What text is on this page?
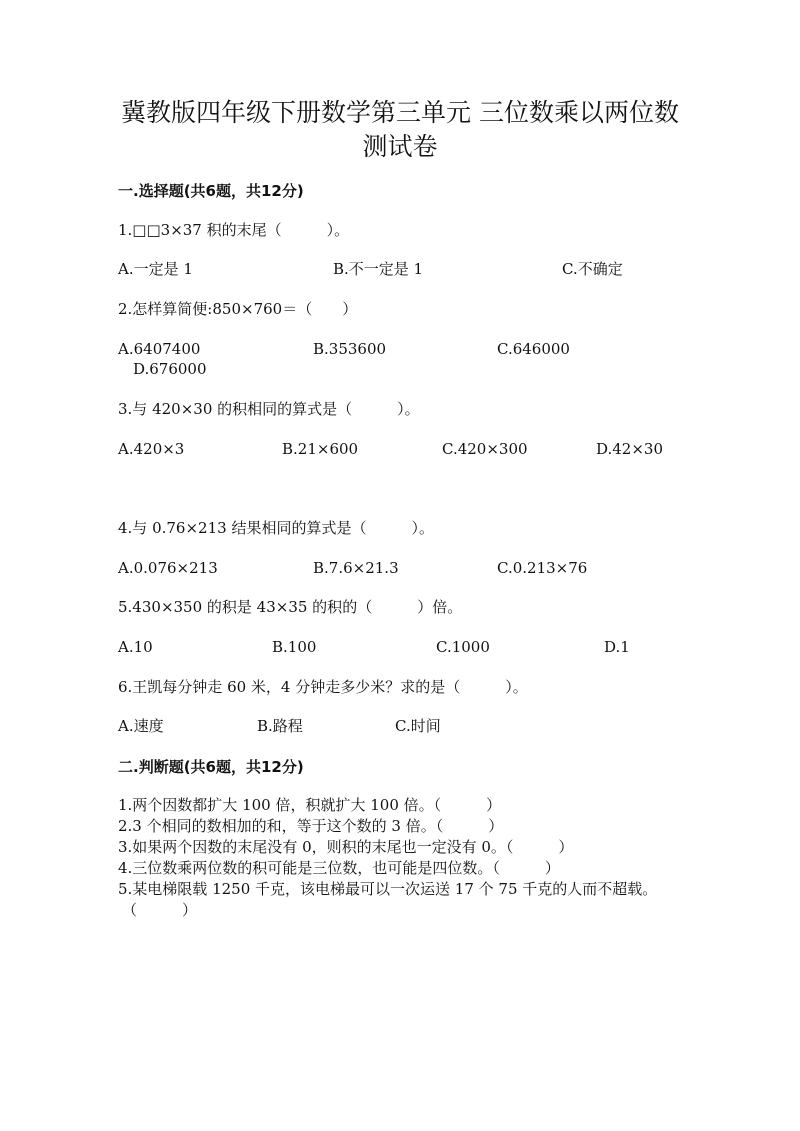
冀教版四年级下册数学第三单元 三位数乘以两位数
测试卷
一.选择题(共6题，共12分)
1.□□3×37 积的末尾（　　　）。
A.一定是 1	B.不一定是 1	C.不确定
2.怎样算简便:850×760＝（　　）
A.6407400	B.353600	C.646000
D.676000
3.与 420×30 的积相同的算式是（　　　）。
A.420×3	B.21×600	C.420×300	D.42×30
4.与 0.76×213 结果相同的算式是（　　　）。
A.0.076×213	B.7.6×21.3	C.0.213×76
5.430×350 的积是 43×35 的积的（　　　）倍。
A.10	B.100	C.1000	D.1
6.王凯每分钟走 60 米，4 分钟走多少米？求的是（　　　）。
A.速度	B.路程	C.时间
二.判断题(共6题，共12分)
1.两个因数都扩大 100 倍，积就扩大 100 倍。（　　　）
2.3 个相同的数相加的和，等于这个数的 3 倍。（　　　）
3.如果两个因数的末尾没有 0，则积的末尾也一定没有 0。（　　　）
4.三位数乘两位数的积可能是三位数，也可能是四位数。（　　　）
5.某电梯限载 1250 千克，该电梯最可以一次运送 17 个 75 千克的人而不超载。
（　　　）
